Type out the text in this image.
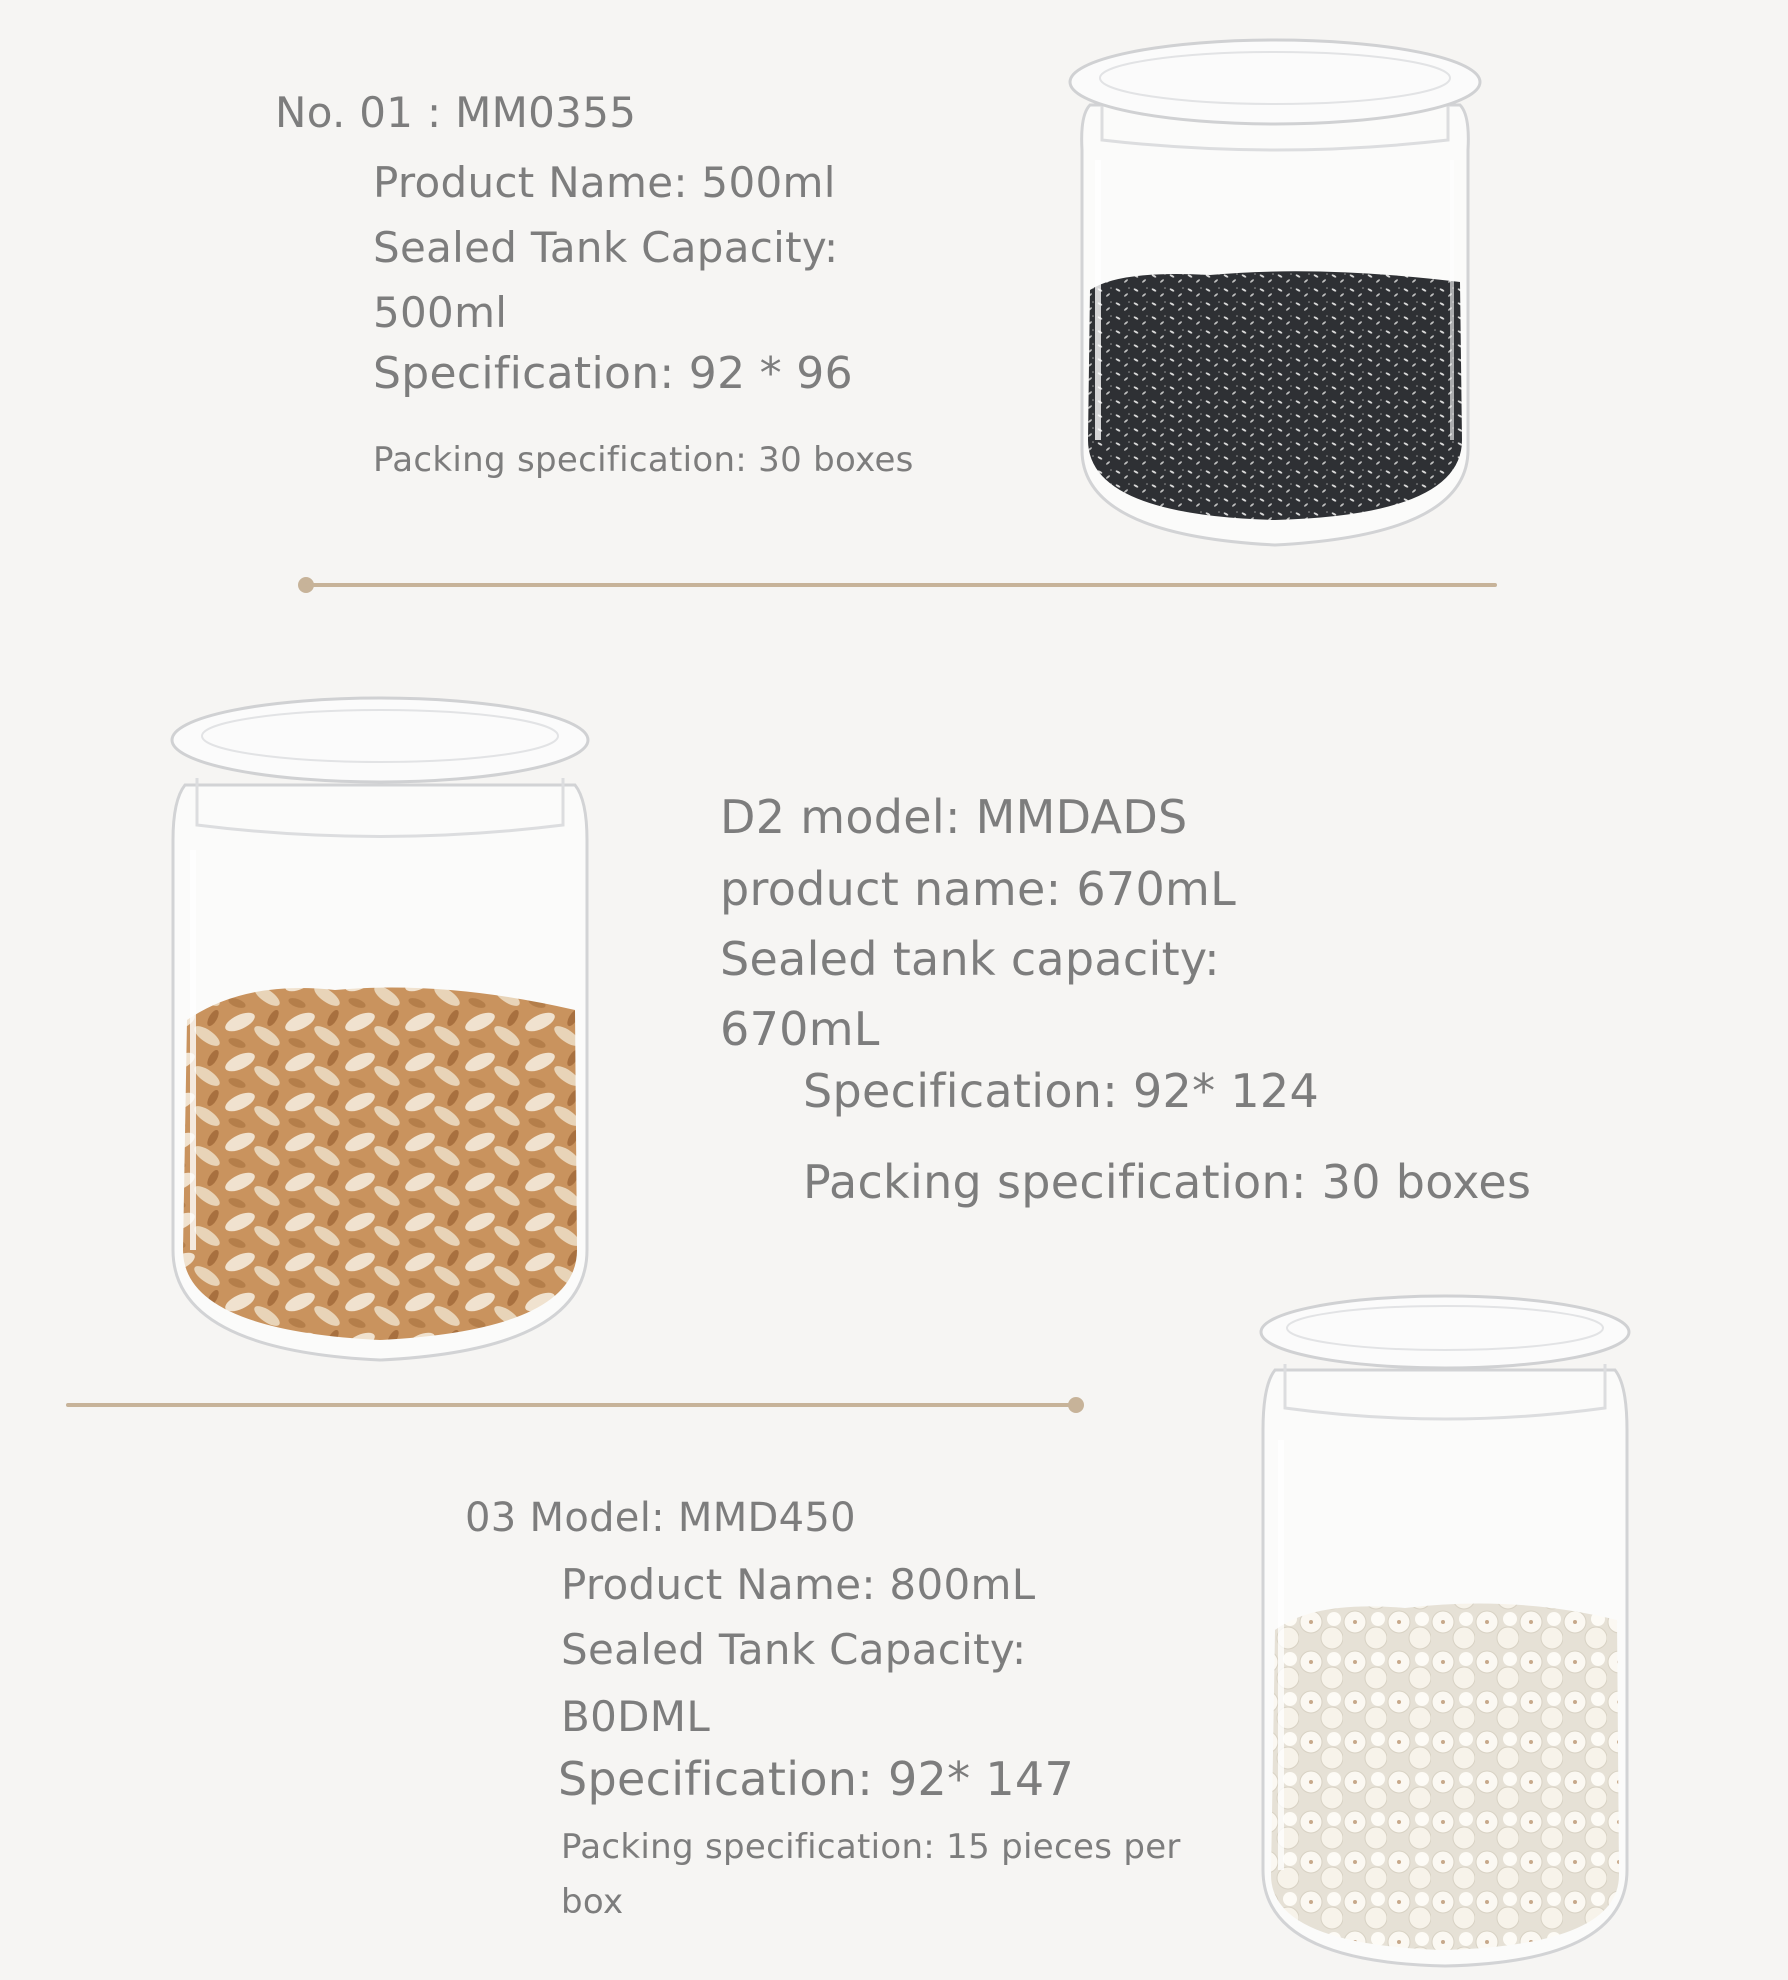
No. 01 : MM0355
Product Name: 500ml
Sealed Tank Capacity:
500ml
Specification: 92 * 96
Packing specification: 30 boxes
D2 model: MMDADS
product name: 670mL
Sealed tank capacity:
670mL
Specification: 92* 124
Packing specification: 30 boxes
03 Model: MMD450
Product Name: 800mL
Sealed Tank Capacity:
B0DML
Specification: 92* 147
Packing specification: 15 pieces per
box
